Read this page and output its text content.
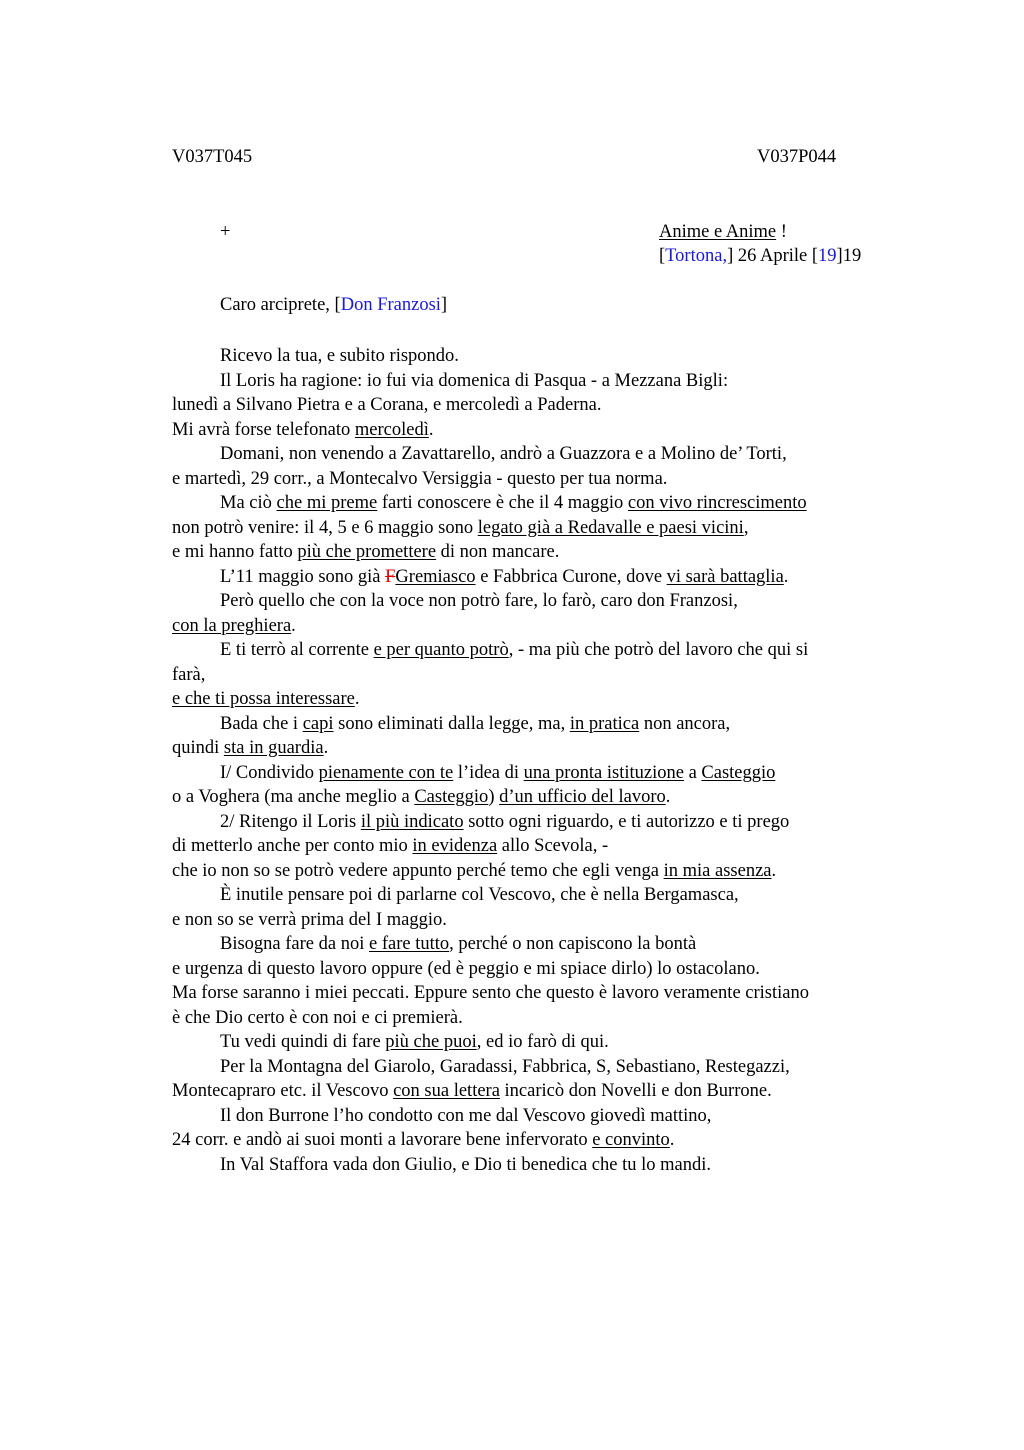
V037T045	V037P044
+	Anime e Anime !
[Tortona,] 26 Aprile [19]19
Caro arciprete, [Don Franzosi]
Ricevo la tua, e subito rispondo.
Il Loris ha ragione: io fui via domenica di Pasqua - a Mezzana Bigli:
lunedì a Silvano Pietra e a Corana, e mercoledì a Paderna.
Mi avrà forse telefonato mercoledì.
Domani, non venendo a Zavattarello, andrò a Guazzora e a Molino de’ Torti,
e martedì, 29 corr., a Montecalvo Versiggia - questo per tua norma.
Ma ciò che mi preme farti conoscere è che il 4 maggio con vivo rincrescimento
non potrò venire: il 4, 5 e 6 maggio sono legato già a Redavalle e paesi vicini,
e mi hanno fatto più che promettere di non mancare.
L’11 maggio sono già FGremiasco e Fabbrica Curone, dove vi sarà battaglia.
Però quello che con la voce non potrò fare, lo farò, caro don Franzosi,
con la preghiera.
E ti terrò al corrente e per quanto potrò, - ma più che potrò del lavoro che qui si
farà,
e che ti possa interessare.
Bada che i capi sono eliminati dalla legge, ma, in pratica non ancora,
quindi sta in guardia.
I/ Condivido pienamente con te l’idea di una pronta istituzione a Casteggio
o a Voghera (ma anche meglio a Casteggio) d’un ufficio del lavoro.
2/ Ritengo il Loris il più indicato sotto ogni riguardo, e ti autorizzo e ti prego
di metterlo anche per conto mio in evidenza allo Scevola, -
che io non so se potrò vedere appunto perché temo che egli venga in mia assenza.
È inutile pensare poi di parlarne col Vescovo, che è nella Bergamasca,
e non so se verrà prima del I maggio.
Bisogna fare da noi e fare tutto, perché o non capiscono la bontà
e urgenza di questo lavoro oppure (ed è peggio e mi spiace dirlo) lo ostacolano.
Ma forse saranno i miei peccati. Eppure sento che questo è lavoro veramente cristiano
è che Dio certo è con noi e ci premierà.
Tu vedi quindi di fare più che puoi, ed io farò di qui.
Per la Montagna del Giarolo, Garadassi, Fabbrica, S, Sebastiano, Restegazzi,
Montecapraro etc. il Vescovo con sua lettera incaricò don Novelli e don Burrone.
Il don Burrone l’ho condotto con me dal Vescovo giovedì mattino,
24 corr. e andò ai suoi monti a lavorare bene infervorato e convinto.
In Val Staffora vada don Giulio, e Dio ti benedica che tu lo mandi.
